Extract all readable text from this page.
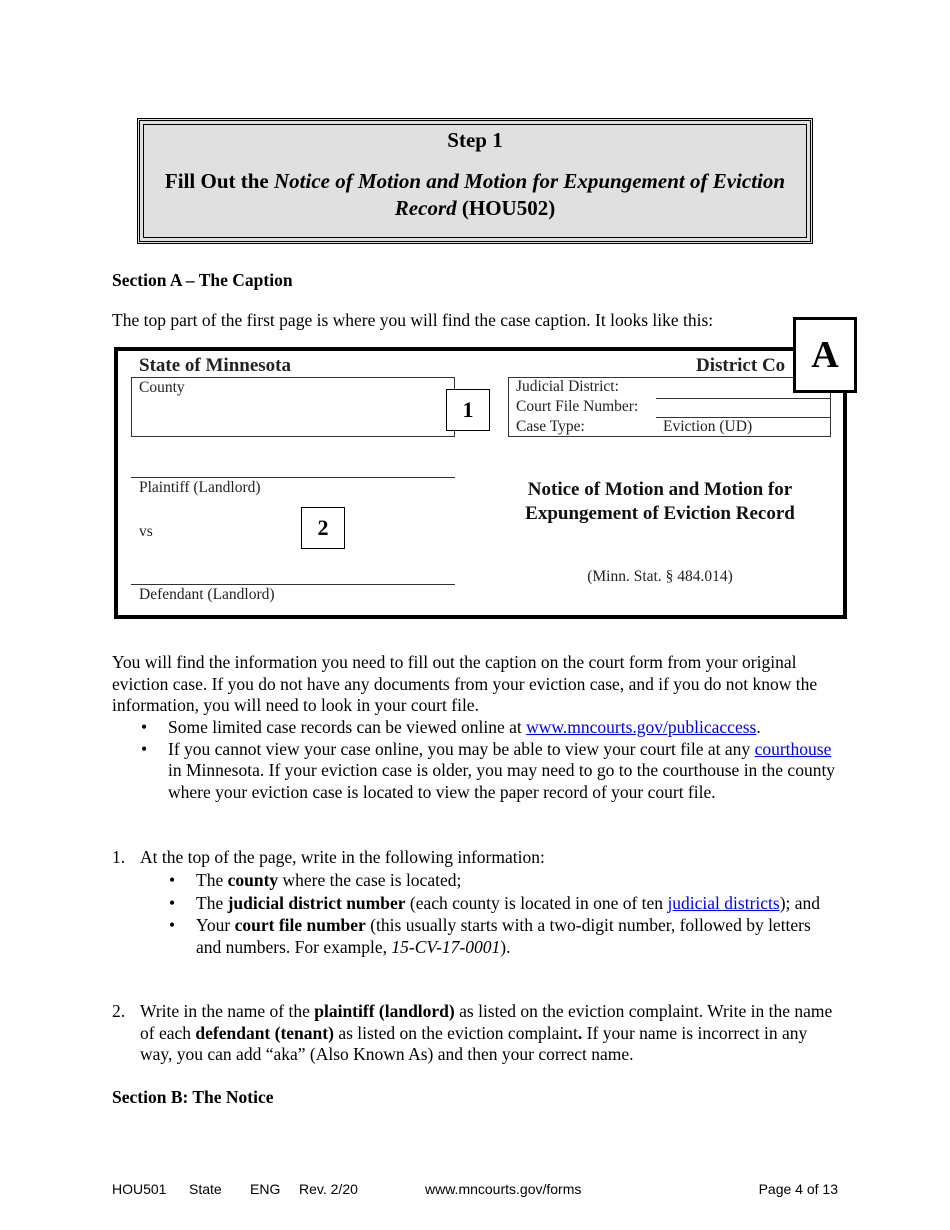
Step 1
Fill Out the Notice of Motion and Motion for Expungement of Eviction Record (HOU502)
Section A – The Caption
The top part of the first page is where you will find the case caption. It looks like this:
State of Minnesota	District Co
County
1
Judicial District:
Court File Number:
Case Type:	Eviction (UD)
Plaintiff (Landlord)
vs	2
Defendant (Landlord)
Notice of Motion and Motion for Expungement of Eviction Record
(Minn. Stat. § 484.014)
A
You will find the information you need to fill out the caption on the court form from your original eviction case. If you do not have any documents from your eviction case, and if you do not know the information, you will need to look in your court file.
• Some limited case records can be viewed online at www.mncourts.gov/publicaccess.
• If you cannot view your case online, you may be able to view your court file at any courthouse in Minnesota. If your eviction case is older, you may need to go to the courthouse in the county where your eviction case is located to view the paper record of your court file.
1. At the top of the page, write in the following information:
• The county where the case is located;
• The judicial district number (each county is located in one of ten judicial districts); and
• Your court file number (this usually starts with a two-digit number, followed by letters and numbers. For example, 15-CV-17-0001).
2. Write in the name of the plaintiff (landlord) as listed on the eviction complaint. Write in the name of each defendant (tenant) as listed on the eviction complaint. If your name is incorrect in any way, you can add “aka” (Also Known As) and then your correct name.
Section B: The Notice
HOU501 State ENG Rev. 2/20	www.mncourts.gov/forms	Page 4 of 13
